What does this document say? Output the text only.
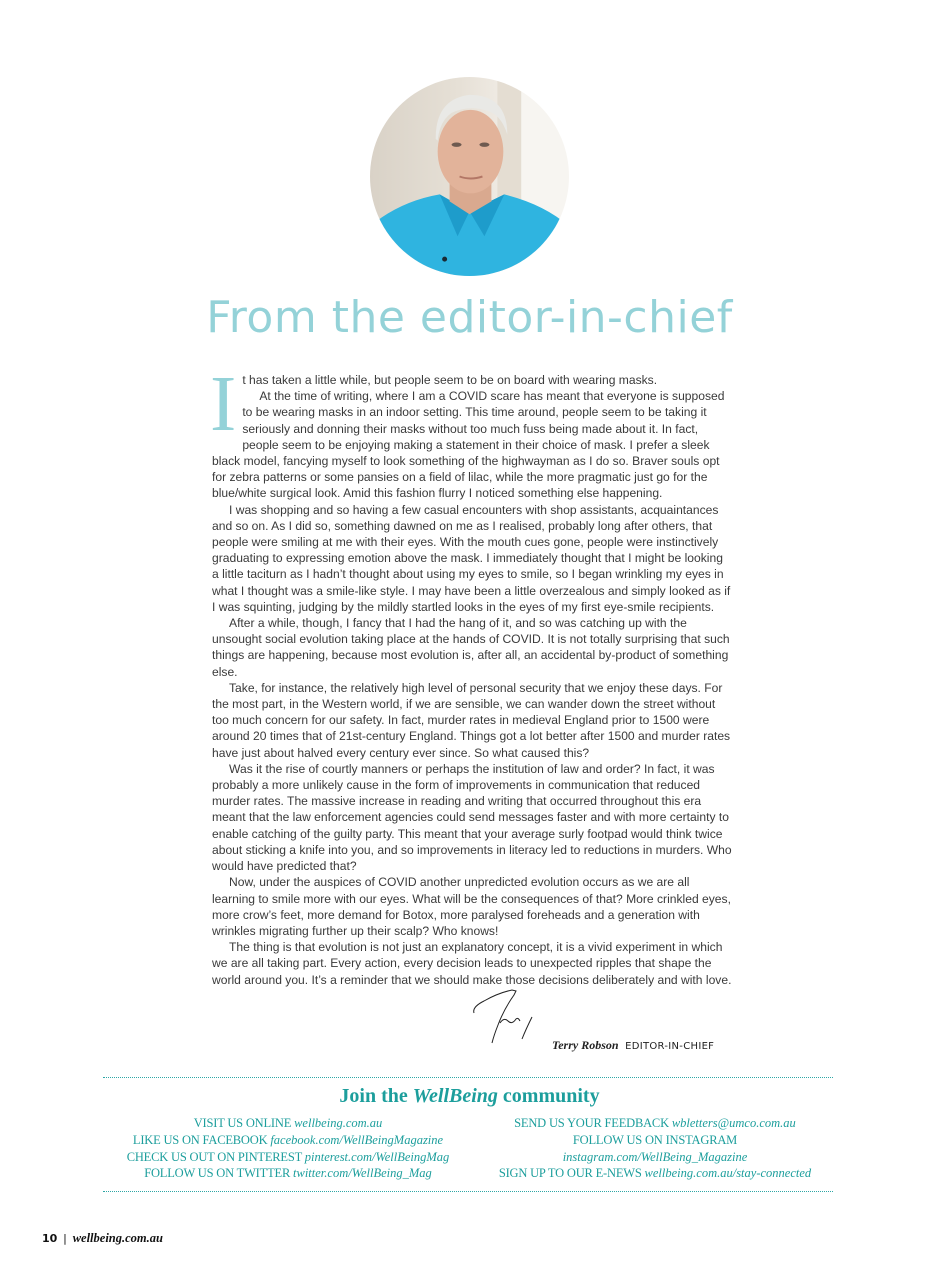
From the editor-in-chief

It has taken a little while, but people seem to be on board with wearing masks.

At the time of writing, where I am a COVID scare has meant that everyone is supposed to be wearing masks in an indoor setting. This time around, people seem to be taking it seriously and donning their masks without too much fuss being made about it. In fact, people seem to be enjoying making a statement in their choice of mask. I prefer a sleek black model, fancying myself to look something of the highwayman as I do so. Braver souls opt for zebra patterns or some pansies on a field of lilac, while the more pragmatic just go for the blue/white surgical look. Amid this fashion flurry I noticed something else happening.

I was shopping and so having a few casual encounters with shop assistants, acquaintances and so on. As I did so, something dawned on me as I realised, probably long after others, that people were smiling at me with their eyes. With the mouth cues gone, people were instinctively graduating to expressing emotion above the mask. I immediately thought that I might be looking a little taciturn as I hadn’t thought about using my eyes to smile, so I began wrinkling my eyes in what I thought was a smile-like style. I may have been a little overzealous and simply looked as if I was squinting, judging by the mildly startled looks in the eyes of my first eye-smile recipients.

After a while, though, I fancy that I had the hang of it, and so was catching up with the unsought social evolution taking place at the hands of COVID. It is not totally surprising that such things are happening, because most evolution is, after all, an accidental by-product of something else.

Take, for instance, the relatively high level of personal security that we enjoy these days. For the most part, in the Western world, if we are sensible, we can wander down the street without too much concern for our safety. In fact, murder rates in medieval England prior to 1500 were around 20 times that of 21st-century England. Things got a lot better after 1500 and murder rates have just about halved every century ever since. So what caused this?

Was it the rise of courtly manners or perhaps the institution of law and order? In fact, it was probably a more unlikely cause in the form of improvements in communication that reduced murder rates. The massive increase in reading and writing that occurred throughout this era meant that the law enforcement agencies could send messages faster and with more certainty to enable catching of the guilty party. This meant that your average surly footpad would think twice about sticking a knife into you, and so improvements in literacy led to reductions in murders. Who would have predicted that?

Now, under the auspices of COVID another unpredicted evolution occurs as we are all learning to smile more with our eyes. What will be the consequences of that? More crinkled eyes, more crow’s feet, more demand for Botox, more paralysed foreheads and a generation with wrinkles migrating further up their scalp? Who knows!

The thing is that evolution is not just an explanatory concept, it is a vivid experiment in which we are all taking part. Every action, every decision leads to unexpected ripples that shape the world around you. It’s a reminder that we should make those decisions deliberately and with love.

Terry Robson EDITOR-IN-CHIEF
Join the WellBeing community
VISIT US ONLINE wellbeing.com.au
LIKE US ON FACEBOOK facebook.com/WellBeingMagazine
CHECK US OUT ON PINTEREST pinterest.com/WellBeingMag
FOLLOW US ON TWITTER twitter.com/WellBeing_Mag
SEND US YOUR FEEDBACK wbletters@umco.com.au
FOLLOW US ON INSTAGRAM
instagram.com/WellBeing_Magazine
SIGN UP TO OUR E-NEWS wellbeing.com.au/stay-connected
10 | wellbeing.com.au
